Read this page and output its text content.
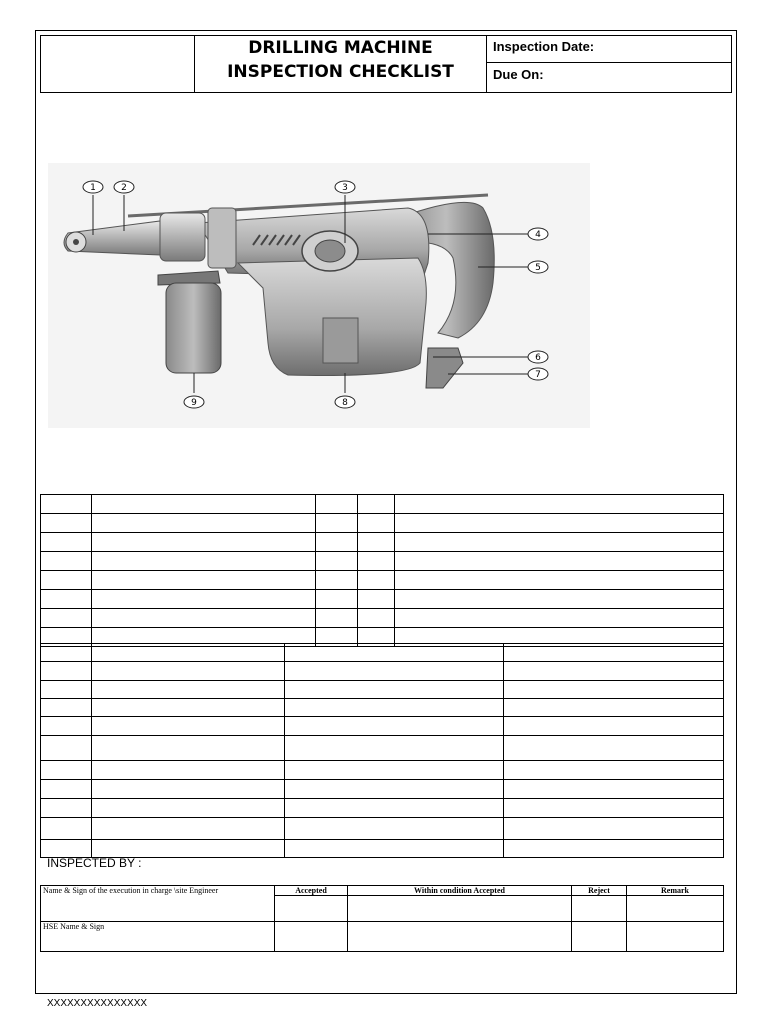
DRILLING MACHINE
INSPECTION CHECKLIST
Inspection Date:
Due On:
1	2	3
4
5
6
7
8
9

INSPECTED BY :
Name & Sign of the execution in charge \site Engineer	Accepted	Within condition Accepted	Reject	Remark

HSE Name & Sign				
XXXXXXXXXXXXXXX
